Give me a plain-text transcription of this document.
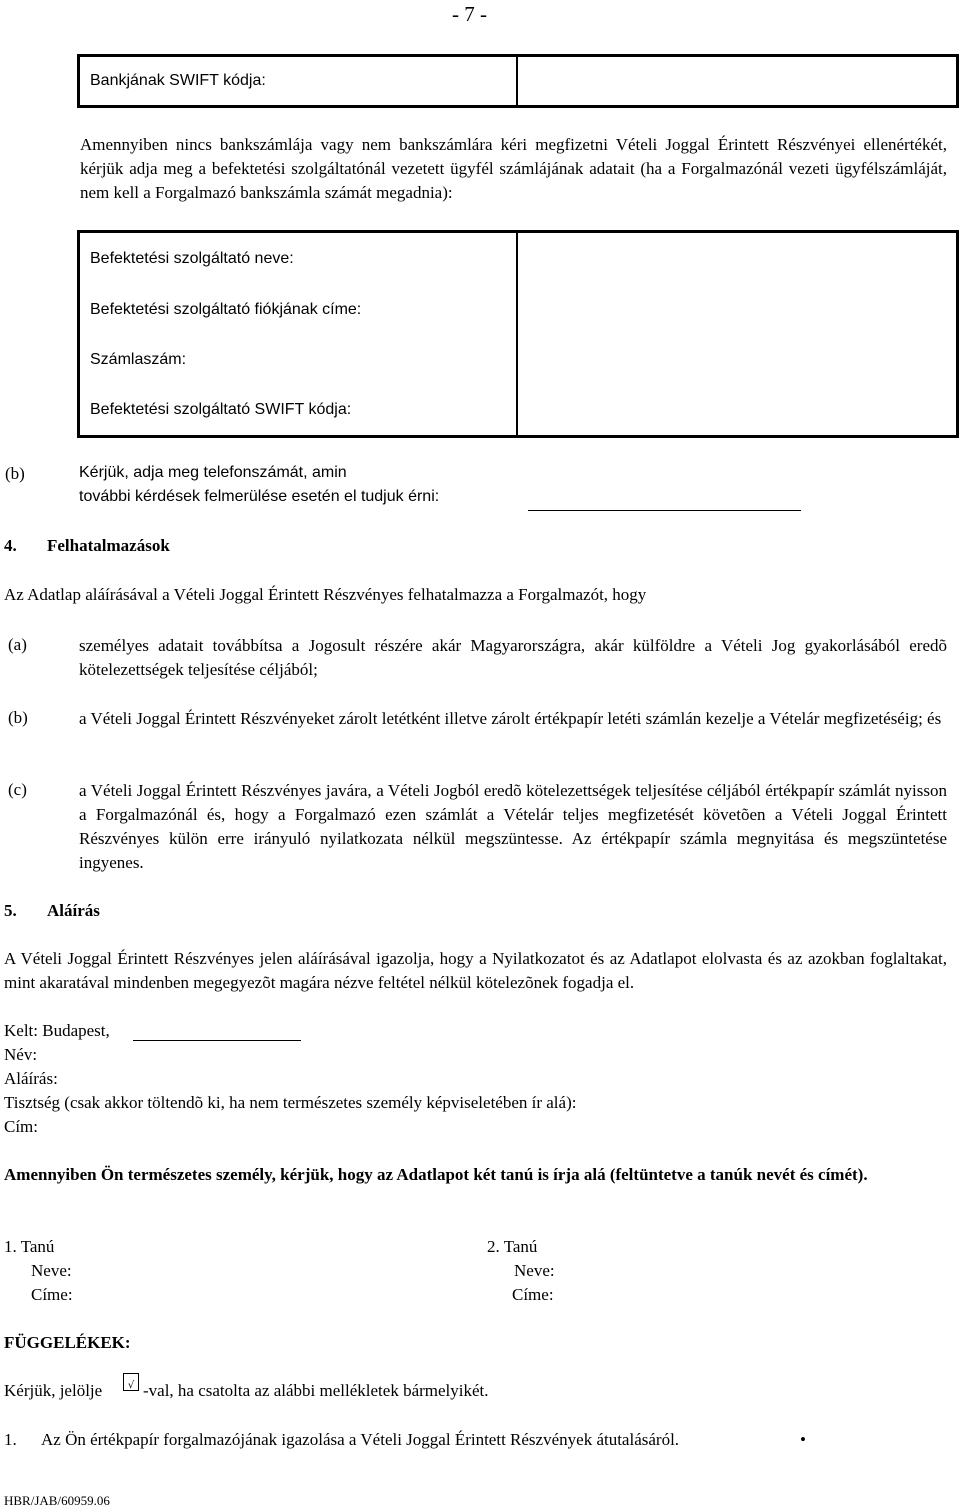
- 7 -
Bankjának SWIFT kódja:
Amennyiben nincs bankszámlája vagy nem bankszámlára kéri megfizetni Vételi Joggal Érintett Részvényei ellenértékét, kérjük adja meg a befektetési szolgáltatónál vezetett ügyfél számlájának adatait (ha a Forgalmazónál vezeti ügyfélszámláját, nem kell a Forgalmazó bankszámla számát megadnia):
Befektetési szolgáltató neve:
Befektetési szolgáltató fiókjának címe:
Számlaszám:
Befektetési szolgáltató SWIFT kódja:
(b)	Kérjük, adja meg telefonszámát, amin
további kérdések felmerülése esetén el tudjuk érni:
4. Felhatalmazások
Az Adatlap aláírásával a Vételi Joggal Érintett Részvényes felhatalmazza a Forgalmazót, hogy
(a)	személyes adatait továbbítsa a Jogosult részére akár Magyarországra, akár külföldre a Vételi Jog gyakorlásából eredõ kötelezettségek teljesítése céljából;
(b)	a Vételi Joggal Érintett Részvényeket zárolt letétként illetve zárolt értékpapír letéti számlán kezelje a Vételár megfizetéséig; és
(c)	a Vételi Joggal Érintett Részvényes javára, a Vételi Jogból eredõ kötelezettségek teljesítése céljából értékpapír számlát nyisson a Forgalmazónál és, hogy a Forgalmazó ezen számlát a Vételár teljes megfizetését követõen a Vételi Joggal Érintett Részvényes külön erre irányuló nyilatkozata nélkül megszüntesse. Az értékpapír számla megnyitása és megszüntetése ingyenes.
5. Aláírás
A Vételi Joggal Érintett Részvényes jelen aláírásával igazolja, hogy a Nyilatkozatot és az Adatlapot elolvasta és az azokban foglaltakat, mint akaratával mindenben megegyezõt magára nézve feltétel nélkül kötelezõnek fogadja el.
Kelt: Budapest,
Név:
Aláírás:
Tisztség (csak akkor töltendõ ki, ha nem természetes személy képviseletében ír alá):
Cím:
Amennyiben Ön természetes személy, kérjük, hogy az Adatlapot két tanú is írja alá (feltüntetve a tanúk nevét és címét).
1. Tanú
Neve:
Címe:
2. Tanú
Neve:
Címe:
FÜGGELÉKEK:
Kérjük, jelölje	√ -val, ha csatolta az alábbi mellékletek bármelyikét.
1. Az Ön értékpapír forgalmazójának igazolása a Vételi Joggal Érintett Részvények átutalásáról.	•
HBR/JAB/60959.06
